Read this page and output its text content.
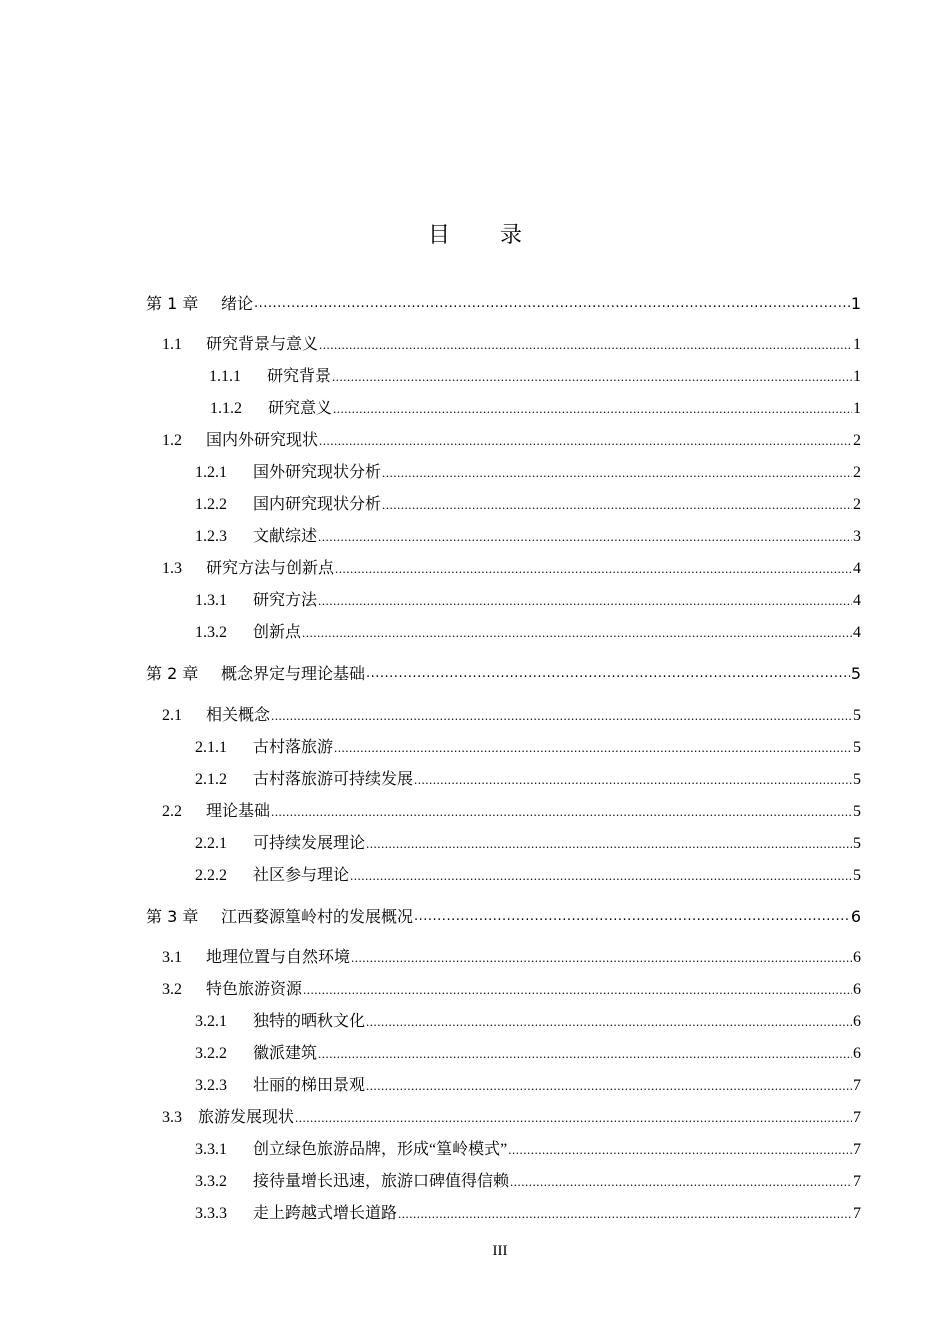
目 录
第 1 章	绪论 .....	1
1.1	研究背景与意义 .....	1
1.1.1	研究背景 .....	1
1.1.2	研究意义 .....	1
1.2	国内外研究现状 .....	2
1.2.1	国外研究现状分析 .....	2
1.2.2	国内研究现状分析 .....	2
1.2.3	文献综述 .....	3
1.3	研究方法与创新点 .....	4
1.3.1	研究方法 .....	4
1.3.2	创新点 .....	4
第 2 章	概念界定与理论基础 .....	5
2.1	相关概念 .....	5
2.1.1	古村落旅游 .....	5
2.1.2	古村落旅游可持续发展 .....	5
2.2	理论基础 .....	5
2.2.1	可持续发展理论 .....	5
2.2.2	社区参与理论 .....	5
第 3 章	江西婺源篁岭村的发展概况 .....	6
3.1	地理位置与自然环境 .....	6
3.2	特色旅游资源 .....	6
3.2.1	独特的晒秋文化 .....	6
3.2.2	徽派建筑 .....	6
3.2.3	壮丽的梯田景观 .....	7
3.3	旅游发展现状 .....	7
3.3.1	创立绿色旅游品牌，形成“篁岭模式” .....	7
3.3.2	接待量增长迅速，旅游口碑值得信赖 .....	7
3.3.3	走上跨越式增长道路 .....	7
III
